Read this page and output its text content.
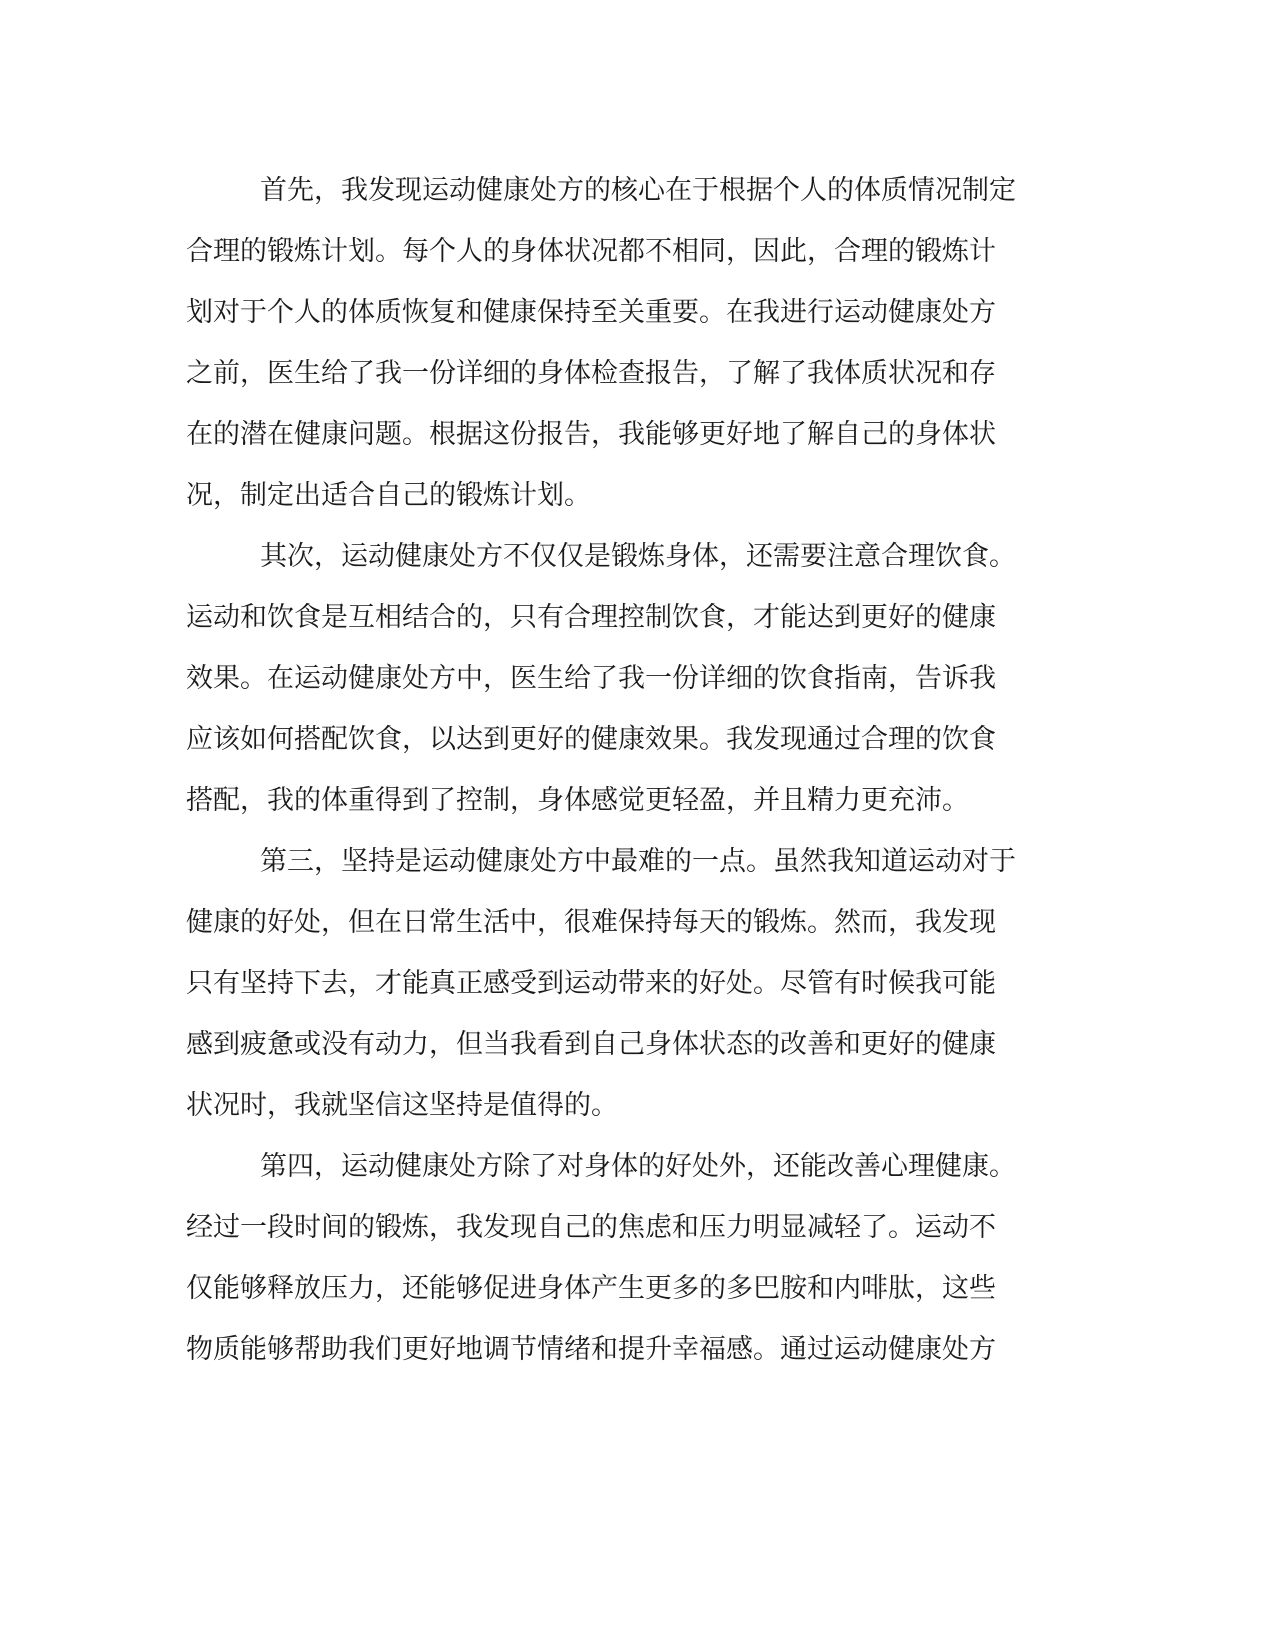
首先，我发现运动健康处方的核心在于根据个人的体质情况制定
合理的锻炼计划。每个人的身体状况都不相同，因此，合理的锻炼计
划对于个人的体质恢复和健康保持至关重要。在我进行运动健康处方
之前，医生给了我一份详细的身体检查报告，了解了我体质状况和存
在的潜在健康问题。根据这份报告，我能够更好地了解自己的身体状
况，制定出适合自己的锻炼计划。
其次，运动健康处方不仅仅是锻炼身体，还需要注意合理饮食。
运动和饮食是互相结合的，只有合理控制饮食，才能达到更好的健康
效果。在运动健康处方中，医生给了我一份详细的饮食指南，告诉我
应该如何搭配饮食，以达到更好的健康效果。我发现通过合理的饮食
搭配，我的体重得到了控制，身体感觉更轻盈，并且精力更充沛。
第三，坚持是运动健康处方中最难的一点。虽然我知道运动对于
健康的好处，但在日常生活中，很难保持每天的锻炼。然而，我发现
只有坚持下去，才能真正感受到运动带来的好处。尽管有时候我可能
感到疲惫或没有动力，但当我看到自己身体状态的改善和更好的健康
状况时，我就坚信这坚持是值得的。
第四，运动健康处方除了对身体的好处外，还能改善心理健康。
经过一段时间的锻炼，我发现自己的焦虑和压力明显减轻了。运动不
仅能够释放压力，还能够促进身体产生更多的多巴胺和内啡肽，这些
物质能够帮助我们更好地调节情绪和提升幸福感。通过运动健康处方
